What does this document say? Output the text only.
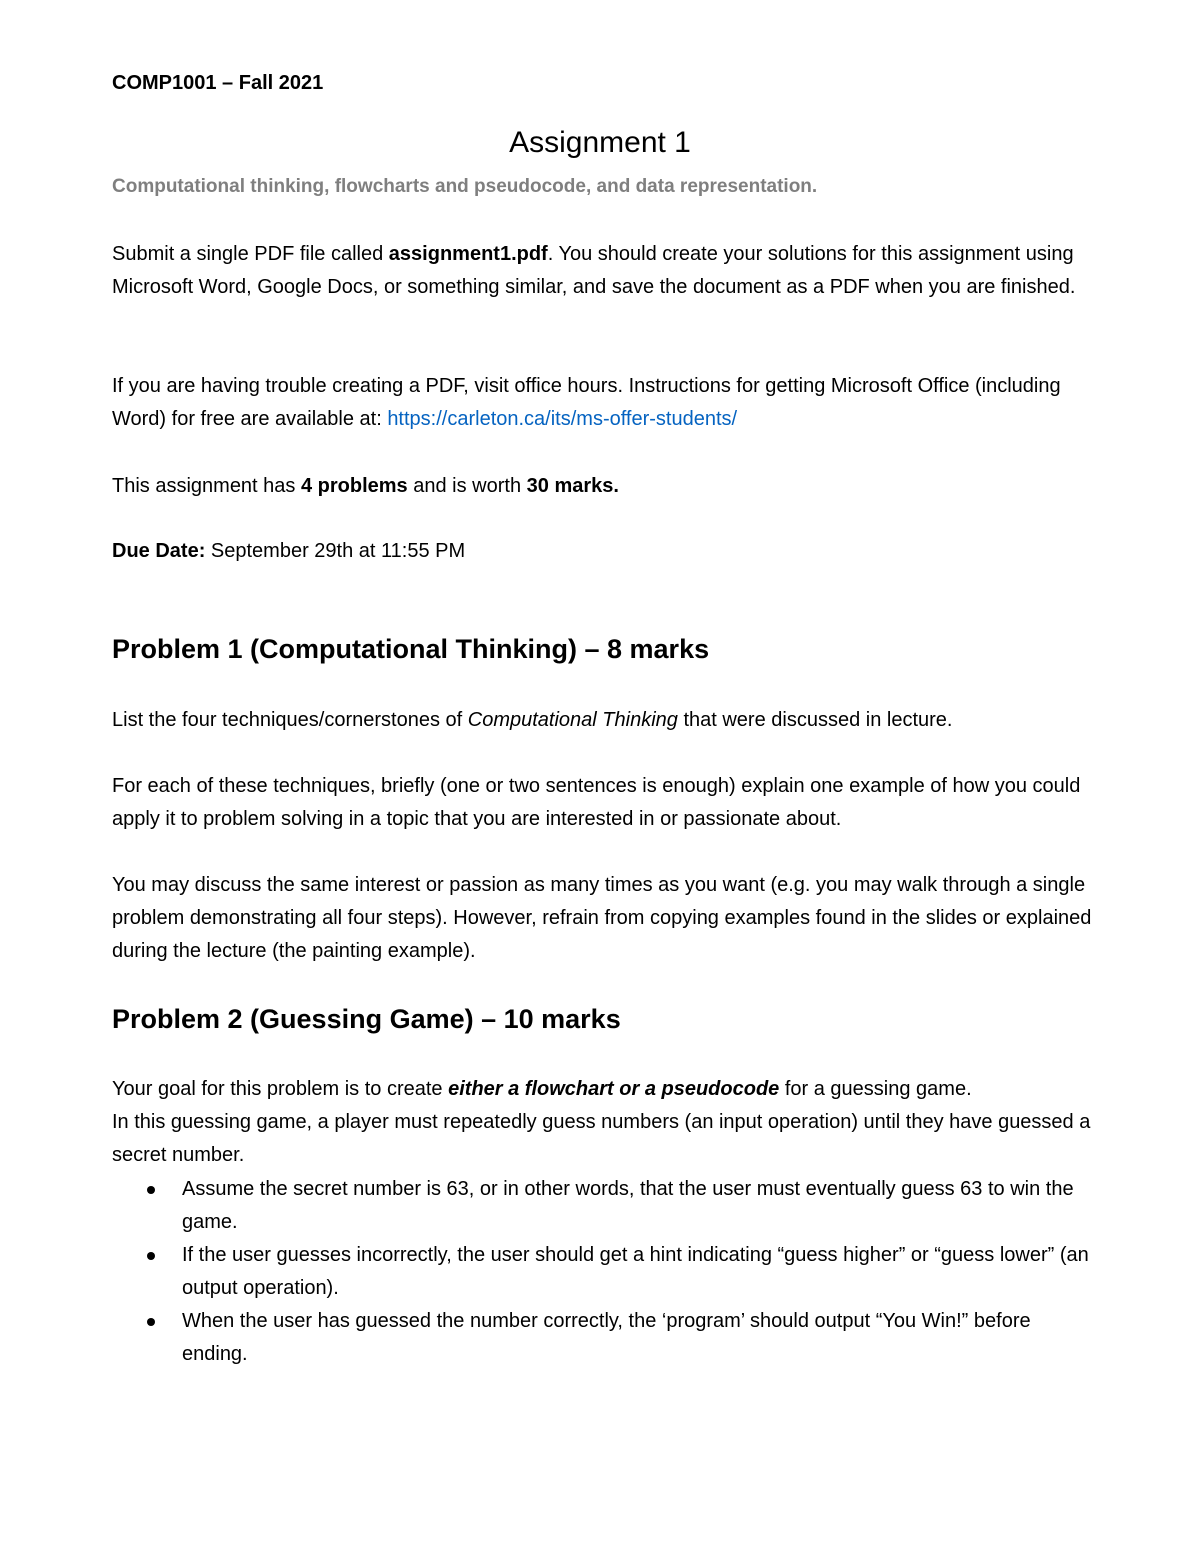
COMP1001 – Fall 2021
Assignment 1
Computational thinking, flowcharts and pseudocode, and data representation.
Submit a single PDF file called assignment1.pdf. You should create your solutions for this assignment using Microsoft Word, Google Docs, or something similar, and save the document as a PDF when you are finished.
If you are having trouble creating a PDF, visit office hours. Instructions for getting Microsoft Office (including Word) for free are available at: https://carleton.ca/its/ms-offer-students/
This assignment has 4 problems and is worth 30 marks.
Due Date: September 29th at 11:55 PM
Problem 1 (Computational Thinking) – 8 marks
List the four techniques/cornerstones of Computational Thinking that were discussed in lecture.
For each of these techniques, briefly (one or two sentences is enough) explain one example of how you could apply it to problem solving in a topic that you are interested in or passionate about.
You may discuss the same interest or passion as many times as you want (e.g. you may walk through a single problem demonstrating all four steps). However, refrain from copying examples found in the slides or explained during the lecture (the painting example).
Problem 2 (Guessing Game) – 10 marks
Your goal for this problem is to create either a flowchart or a pseudocode for a guessing game.
In this guessing game, a player must repeatedly guess numbers (an input operation) until they have guessed a secret number.
Assume the secret number is 63, or in other words, that the user must eventually guess 63 to win the game.
If the user guesses incorrectly, the user should get a hint indicating “guess higher” or “guess lower” (an output operation).
When the user has guessed the number correctly, the ‘program’ should output “You Win!” before ending.
